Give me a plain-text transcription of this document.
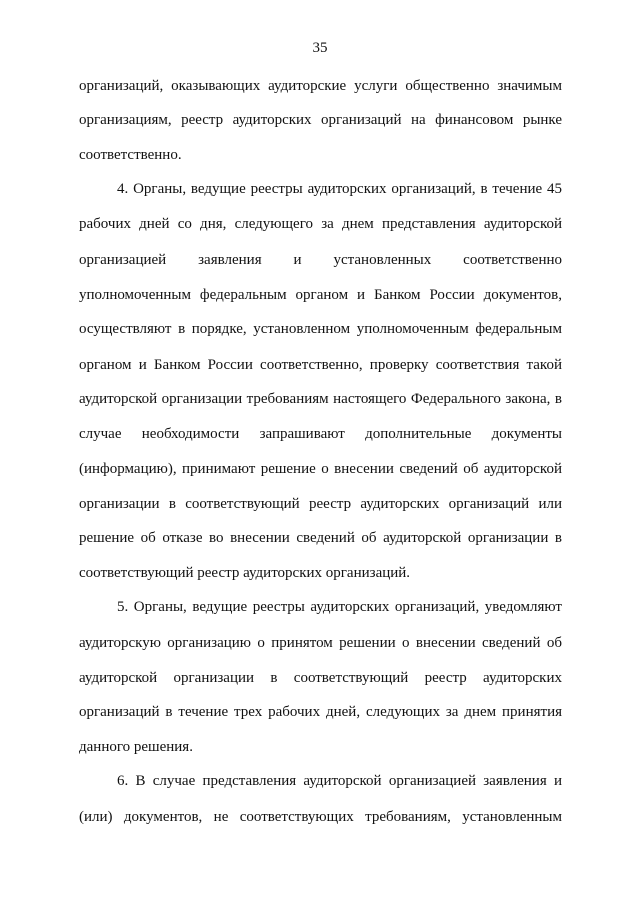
35
организаций, оказывающих аудиторские услуги общественно значимым
организациям, реестр аудиторских организаций на финансовом рынке
соответственно.
4. Органы, ведущие реестры аудиторских организаций, в течение 45
рабочих дней со дня, следующего за днем представления аудиторской
организацией заявления и установленных соответственно
уполномоченным федеральным органом и Банком России документов,
осуществляют в порядке, установленном уполномоченным федеральным
органом и Банком России соответственно, проверку соответствия такой
аудиторской организации требованиям настоящего Федерального закона, в
случае необходимости запрашивают дополнительные документы
(информацию), принимают решение о внесении сведений об аудиторской
организации в соответствующий реестр аудиторских организаций или
решение об отказе во внесении сведений об аудиторской организации в
соответствующий реестр аудиторских организаций.
5. Органы, ведущие реестры аудиторских организаций, уведомляют
аудиторскую организацию о принятом решении о внесении сведений об
аудиторской организации в соответствующий реестр аудиторских
организаций в течение трех рабочих дней, следующих за днем принятия
данного решения.
6. В случае представления аудиторской организацией заявления и
(или) документов, не соответствующих требованиям, установленным
